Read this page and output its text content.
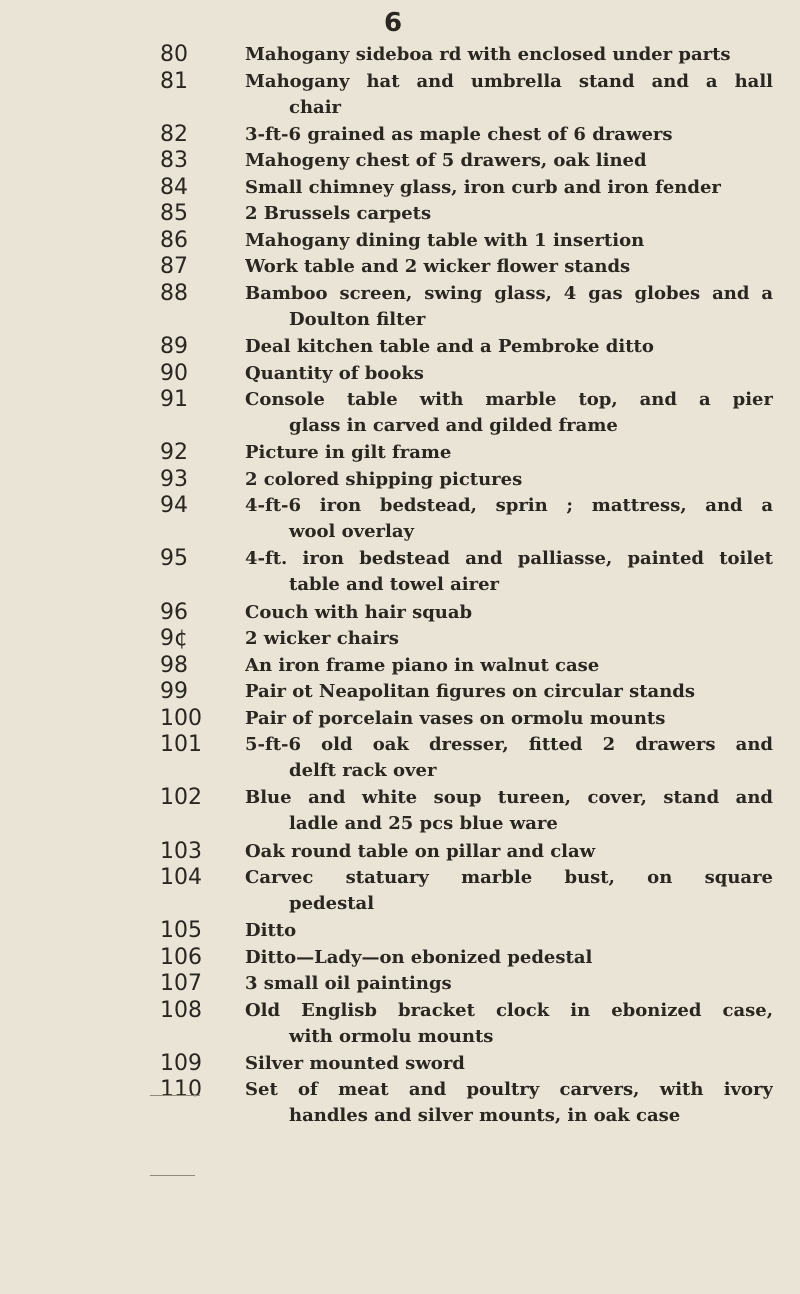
6
80	Mahogany sideboa rd with enclosed under parts
81	Mahogany hat and umbrella stand and a hall
chair
82	3-ft-6 grained as maple chest of 6 drawers
83	Mahogeny chest of 5 drawers, oak lined
84	Small chimney glass, iron curb and iron fender
85	2 Brussels carpets
86	Mahogany dining table with 1 insertion
87	Work table and 2 wicker flower stands
88	Bamboo screen, swing glass, 4 gas globes and a
Doulton filter
89	Deal kitchen table and a Pembroke ditto
90	Quantity of books
91	Console table with marble top, and a pier
glass in carved and gilded frame
92	Picture in gilt frame
93	2 colored shipping pictures
94	4-ft-6 iron bedstead, sprin ; mattress, and a
wool overlay
95	4-ft. iron bedstead and palliasse, painted toilet
table and towel airer
96	Couch with hair squab
9¢	2 wicker chairs
98	An iron frame piano in walnut case
99	Pair ot Neapolitan figures on circular stands
100	Pair of porcelain vases on ormolu mounts
101	5-ft-6 old oak dresser, fitted 2 drawers and
delft rack over
102	Blue and white soup tureen, cover, stand and
ladle and 25 pcs blue ware
103	Oak round table on pillar and claw
104	Carvec statuary marble bust, on square
pedestal
105	Ditto
106	Ditto—Lady—on ebonized pedestal
107	3 small oil paintings
108	Old Englisb bracket clock in ebonized case,
with ormolu mounts
109	Silver mounted sword
110	Set of meat and poultry carvers, with ivory
handles and silver mounts, in oak case
